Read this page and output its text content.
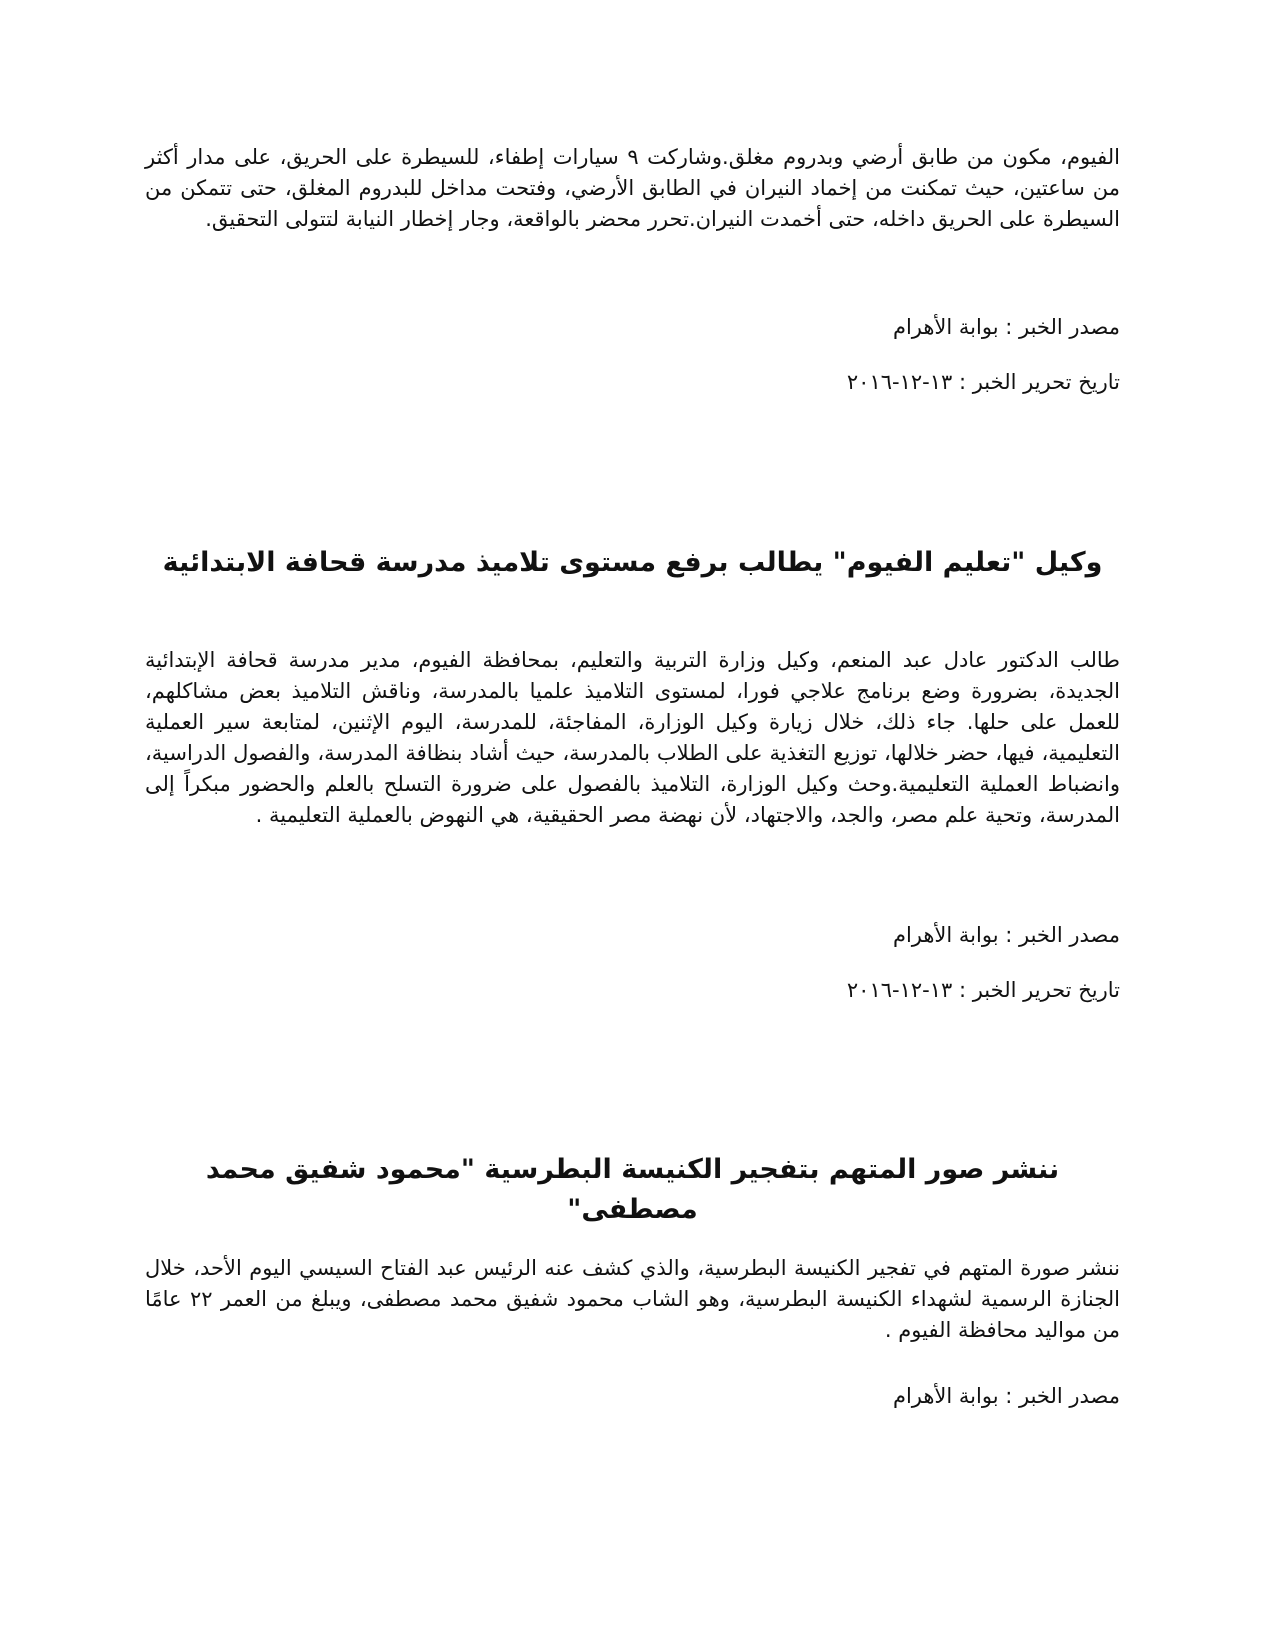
الفيوم، مكون من طابق أرضي وبدروم مغلق.وشاركت ٩ سيارات إطفاء، للسيطرة على الحريق، على مدار أكثر من ساعتين، حيث تمكنت من إخماد النيران في الطابق الأرضي، وفتحت مداخل للبدروم المغلق، حتى تتمكن من السيطرة على الحريق داخله، حتى أخمدت النيران.تحرر محضر بالواقعة، وجار إخطار النيابة لتتولى التحقيق.

مصدر الخبر : بوابة الأهرام

تاريخ تحرير الخبر : ١٣-١٢-٢٠١٦

وكيل "تعليم الفيوم" يطالب برفع مستوى تلاميذ مدرسة قحافة الابتدائية

طالب الدكتور عادل عبد المنعم، وكيل وزارة التربية والتعليم، بمحافظة الفيوم، مدير مدرسة قحافة الإبتدائية الجديدة، بضرورة وضع برنامج علاجي فورا، لمستوى التلاميذ علميا بالمدرسة، وناقش التلاميذ بعض مشاكلهم، للعمل على حلها. جاء ذلك، خلال زيارة وكيل الوزارة، المفاجئة، للمدرسة، اليوم الإثنين، لمتابعة سير العملية التعليمية، فيها، حضر خلالها، توزيع التغذية على الطلاب بالمدرسة، حيث أشاد بنظافة المدرسة، والفصول الدراسية، وانضباط العملية التعليمية.وحث وكيل الوزارة، التلاميذ بالفصول على ضرورة التسلح بالعلم والحضور مبكراً إلى المدرسة، وتحية علم مصر، والجد، والاجتهاد، لأن نهضة مصر الحقيقية، هي النهوض بالعملية التعليمية .

مصدر الخبر : بوابة الأهرام

تاريخ تحرير الخبر : ١٣-١٢-٢٠١٦

ننشر صور المتهم بتفجير الكنيسة البطرسية "محمود شفيق محمد مصطفى"

ننشر صورة المتهم في تفجير الكنيسة البطرسية، والذي كشف عنه الرئيس عبد الفتاح السيسي اليوم الأحد، خلال الجنازة الرسمية لشهداء الكنيسة البطرسية، وهو الشاب محمود شفيق محمد مصطفى، ويبلغ من العمر ٢٢ عامًا من مواليد محافظة الفيوم .

مصدر الخبر : بوابة الأهرام
